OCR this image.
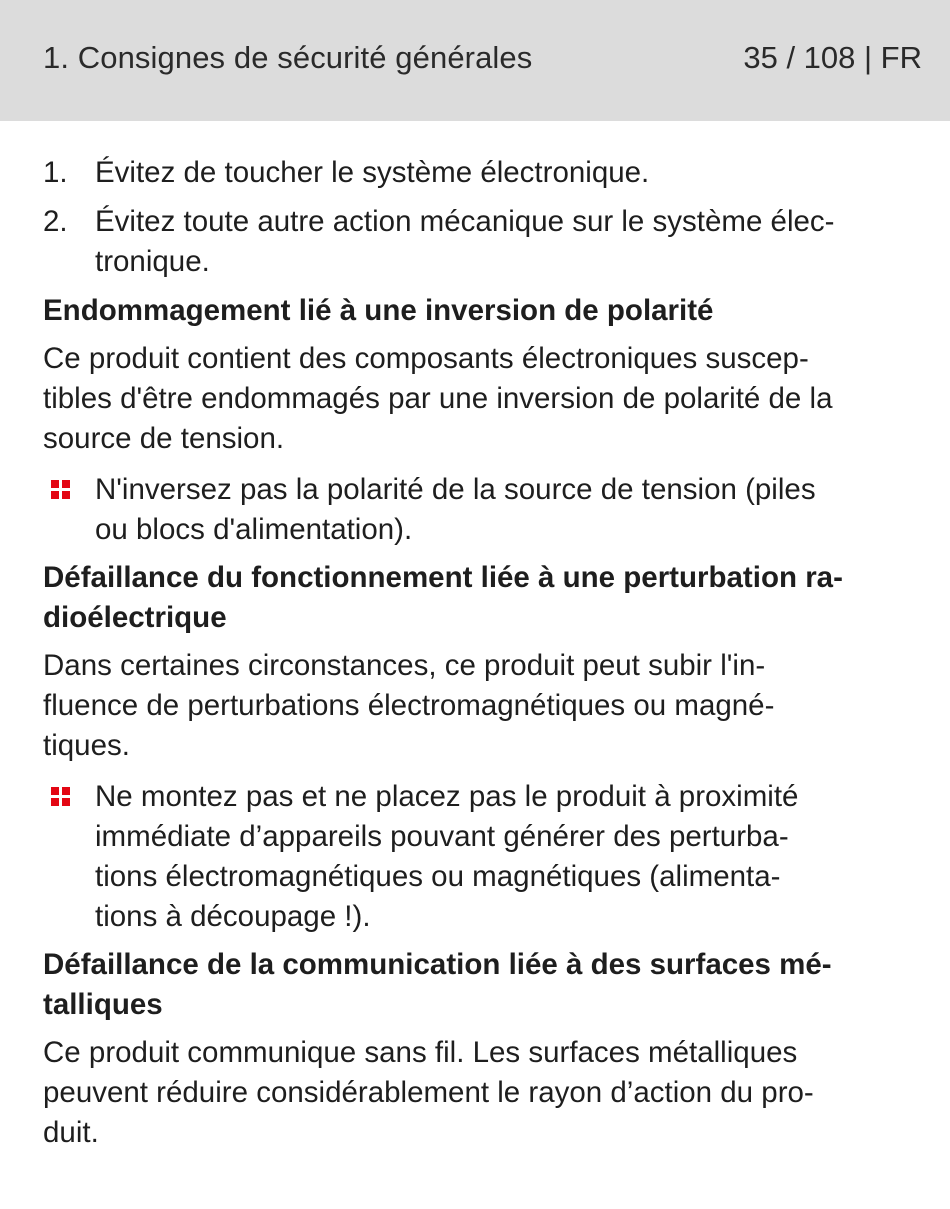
1. Consignes de sécurité générales	35 / 108 | FR
1. Évitez de toucher le système électronique.
2. Évitez toute autre action mécanique sur le système élec-
tronique.
Endommagement lié à une inversion de polarité
Ce produit contient des composants électroniques suscep-
tibles d'être endommagés par une inversion de polarité de la
source de tension.
N'inversez pas la polarité de la source de tension (piles
ou blocs d'alimentation).
Défaillance du fonctionnement liée à une perturbation ra-
dioélectrique
Dans certaines circonstances, ce produit peut subir l'in-
fluence de perturbations électromagnétiques ou magné-
tiques.
Ne montez pas et ne placez pas le produit à proximité
immédiate d’appareils pouvant générer des perturba-
tions électromagnétiques ou magnétiques (alimenta-
tions à découpage !).
Défaillance de la communication liée à des surfaces mé-
talliques
Ce produit communique sans fil. Les surfaces métalliques
peuvent réduire considérablement le rayon d’action du pro-
duit.
